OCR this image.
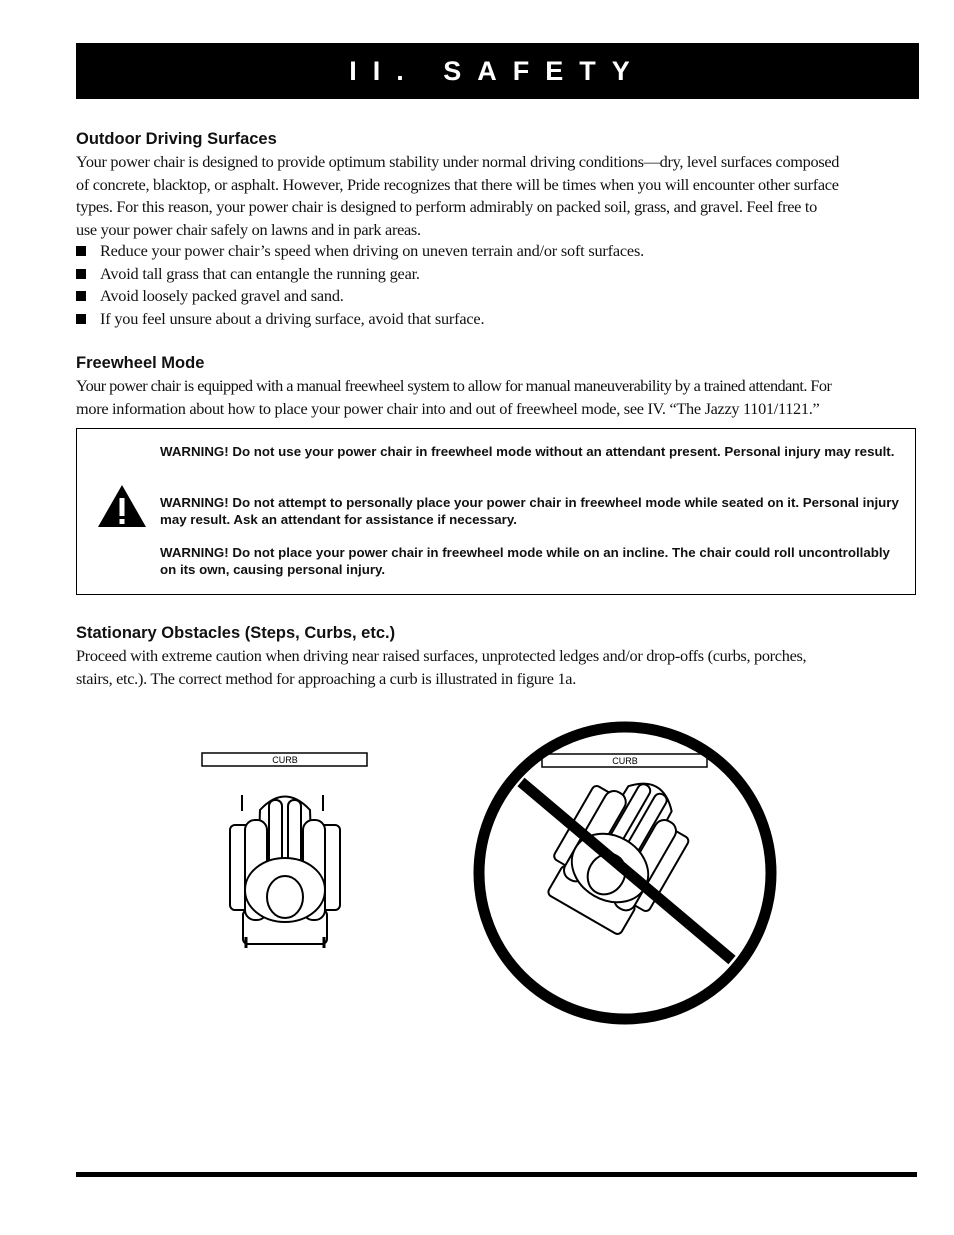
II. SAFETY
Outdoor Driving Surfaces
Your power chair is designed to provide optimum stability under normal driving conditions—dry, level surfaces composed
of concrete, blacktop, or asphalt. However, Pride recognizes that there will be times when you will encounter other surface
types. For this reason, your power chair is designed to perform admirably on packed soil, grass, and gravel. Feel free to
use your power chair safely on lawns and in park areas.
Reduce your power chair’s speed when driving on uneven terrain and/or soft surfaces.
Avoid tall grass that can entangle the running gear.
Avoid loosely packed gravel and sand.
If you feel unsure about a driving surface, avoid that surface.
Freewheel Mode
Your power chair is equipped with a manual freewheel system to allow for manual maneuverability by a trained attendant. For
more information about how to place your power chair into and out of freewheel mode, see IV. “The Jazzy 1101/1121.”
WARNING! Do not use your power chair in freewheel mode without an attendant present. Personal injury may result.
WARNING! Do not attempt to personally place your power chair in freewheel mode while seated on it. Personal injury may result. Ask an attendant for assistance if necessary.
WARNING! Do not place your power chair in freewheel mode while on an incline. The chair could roll uncontrollably on its own, causing personal injury.
Stationary Obstacles (Steps, Curbs, etc.)
Proceed with extreme caution when driving near raised surfaces, unprotected ledges and/or drop-offs (curbs, porches,
stairs, etc.). The correct method for approaching a curb is illustrated in figure 1a.
CURB	CURB
